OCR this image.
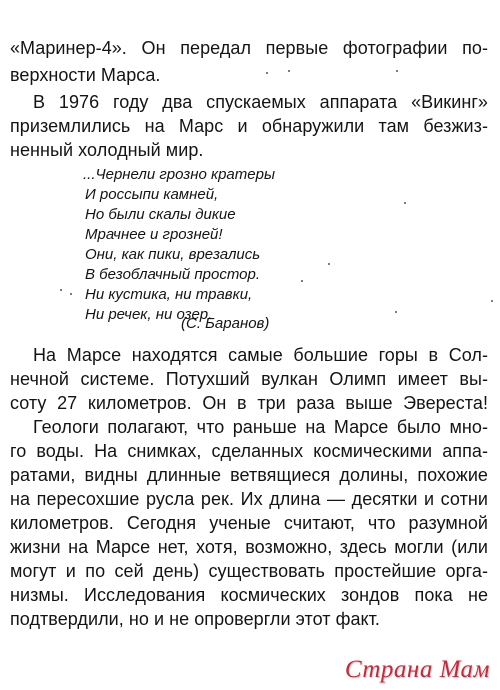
«Маринер-4». Он передал первые фотографии по-

верхности Марса.

В 1976 году два спускаемых аппарата «Викинг»

приземлились на Марс и обнаружили там безжиз-

ненный холодный мир.

...Чернели грозно кратеры

И россыпи камней,

Но были скалы дикие

Мрачнее и грозней!

Они, как пики, врезались

В безоблачный простор.

Ни кустика, ни травки,

Ни речек, ни озер.

(С. Баранов)

На Марсе находятся самые большие горы в Сол-

нечной системе. Потухший вулкан Олимп имеет вы-

соту 27 километров. Он в три раза выше Эвереста!

Геологи полагают, что раньше на Марсе было мно-

го воды. На снимках, сделанных космическими аппа-

ратами, видны длинные ветвящиеся долины, похожие

на пересохшие русла рек. Их длина — десятки и сотни

километров. Сегодня ученые считают, что разумной

жизни на Марсе нет, хотя, возможно, здесь могли (или

могут и по сей день) существовать простейшие орга-

низмы. Исследования космических зондов пока не

подтвердили, но и не опровергли этот факт.

Страна Мам
